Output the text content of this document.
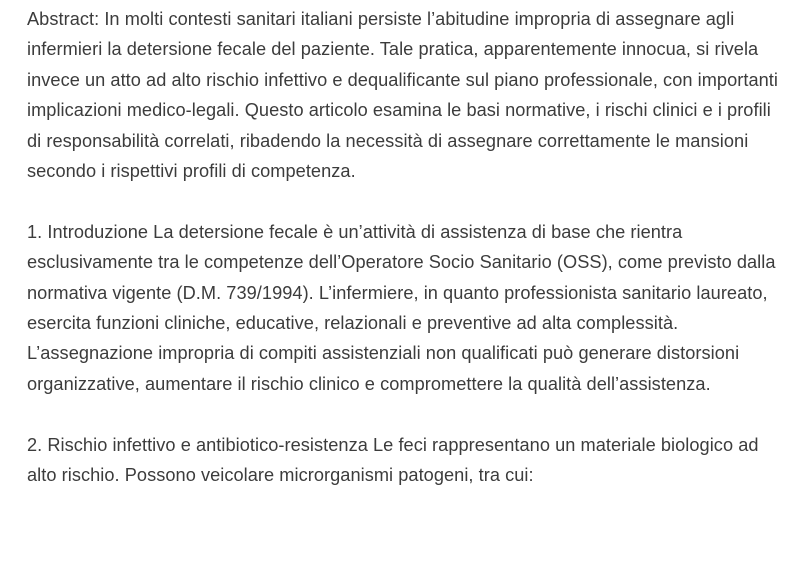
Abstract: In molti contesti sanitari italiani persiste l’abitudine impropria di assegnare agli infermieri la detersione fecale del paziente. Tale pratica, apparentemente innocua, si rivela invece un atto ad alto rischio infettivo e dequalificante sul piano professionale, con importanti implicazioni medico-legali. Questo articolo esamina le basi normative, i rischi clinici e i profili di responsabilità correlati, ribadendo la necessità di assegnare correttamente le mansioni secondo i rispettivi profili di competenza.

1. Introduzione La detersione fecale è un’attività di assistenza di base che rientra esclusivamente tra le competenze dell’Operatore Socio Sanitario (OSS), come previsto dalla normativa vigente (D.M. 739/1994). L’infermiere, in quanto professionista sanitario laureato, esercita funzioni cliniche, educative, relazionali e preventive ad alta complessità. L’assegnazione impropria di compiti assistenziali non qualificati può generare distorsioni organizzative, aumentare il rischio clinico e compromettere la qualità dell’assistenza.

2. Rischio infettivo e antibiotico-resistenza Le feci rappresentano un materiale biologico ad alto rischio. Possono veicolare microrganismi patogeni, tra cui:
